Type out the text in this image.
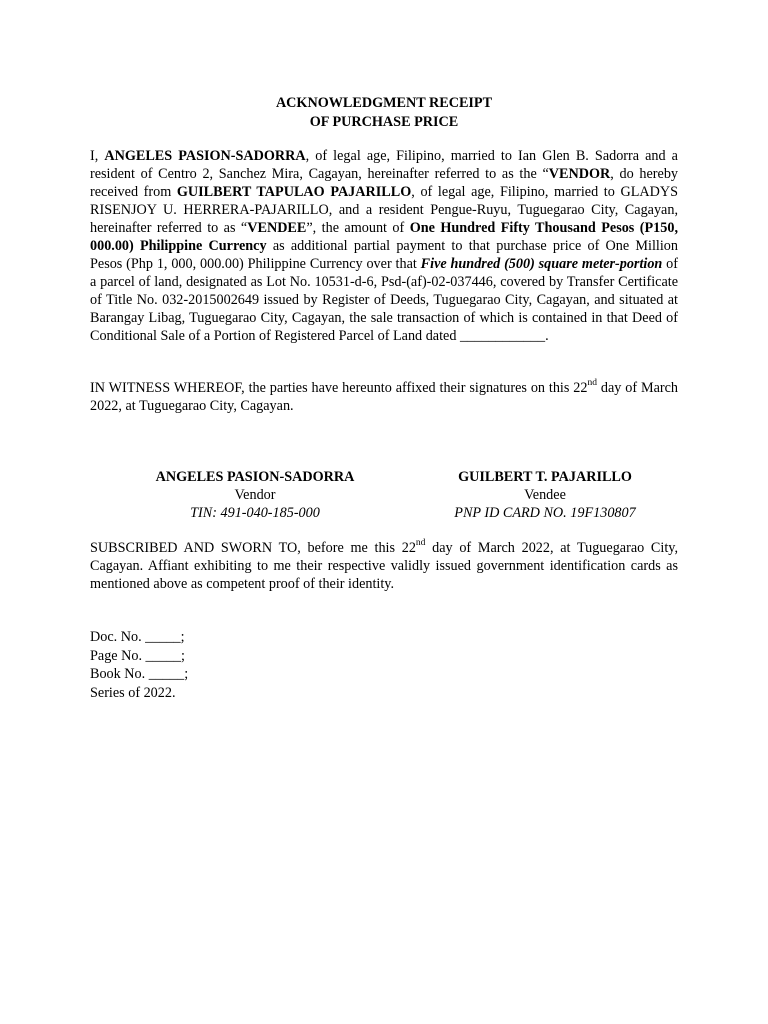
ACKNOWLEDGMENT RECEIPT
OF PURCHASE PRICE
I, ANGELES PASION-SADORRA, of legal age, Filipino, married to Ian Glen B. Sadorra and a resident of Centro 2, Sanchez Mira, Cagayan, hereinafter referred to as the “VENDOR, do hereby received from GUILBERT TAPULAO PAJARILLO, of legal age, Filipino, married to GLADYS RISENJOY U. HERRERA-PAJARILLO, and a resident Pengue-Ruyu, Tuguegarao City, Cagayan, hereinafter referred to as “VENDEE”, the amount of One Hundred Fifty Thousand Pesos (P150, 000.00) Philippine Currency as additional partial payment to that purchase price of One Million Pesos (Php 1, 000, 000.00) Philippine Currency over that Five hundred (500) square meter-portion of a parcel of land, designated as Lot No. 10531-d-6, Psd-(af)-02-037446, covered by Transfer Certificate of Title No. 032-2015002649 issued by Register of Deeds, Tuguegarao City, Cagayan, and situated at Barangay Libag, Tuguegarao City, Cagayan, the sale transaction of which is contained in that Deed of Conditional Sale of a Portion of Registered Parcel of Land dated ____________.
IN WITNESS WHEREOF, the parties have hereunto affixed their signatures on this 22nd day of March 2022, at Tuguegarao City, Cagayan.
ANGELES PASION-SADORRA
Vendor
TIN: 491-040-185-000
GUILBERT T. PAJARILLO
Vendee
PNP ID CARD NO. 19F130807
SUBSCRIBED AND SWORN TO, before me this 22nd day of March 2022, at Tuguegarao City, Cagayan. Affiant exhibiting to me their respective validly issued government identification cards as mentioned above as competent proof of their identity.
Doc. No. _____;
Page No. _____;
Book No. _____;
Series of 2022.
